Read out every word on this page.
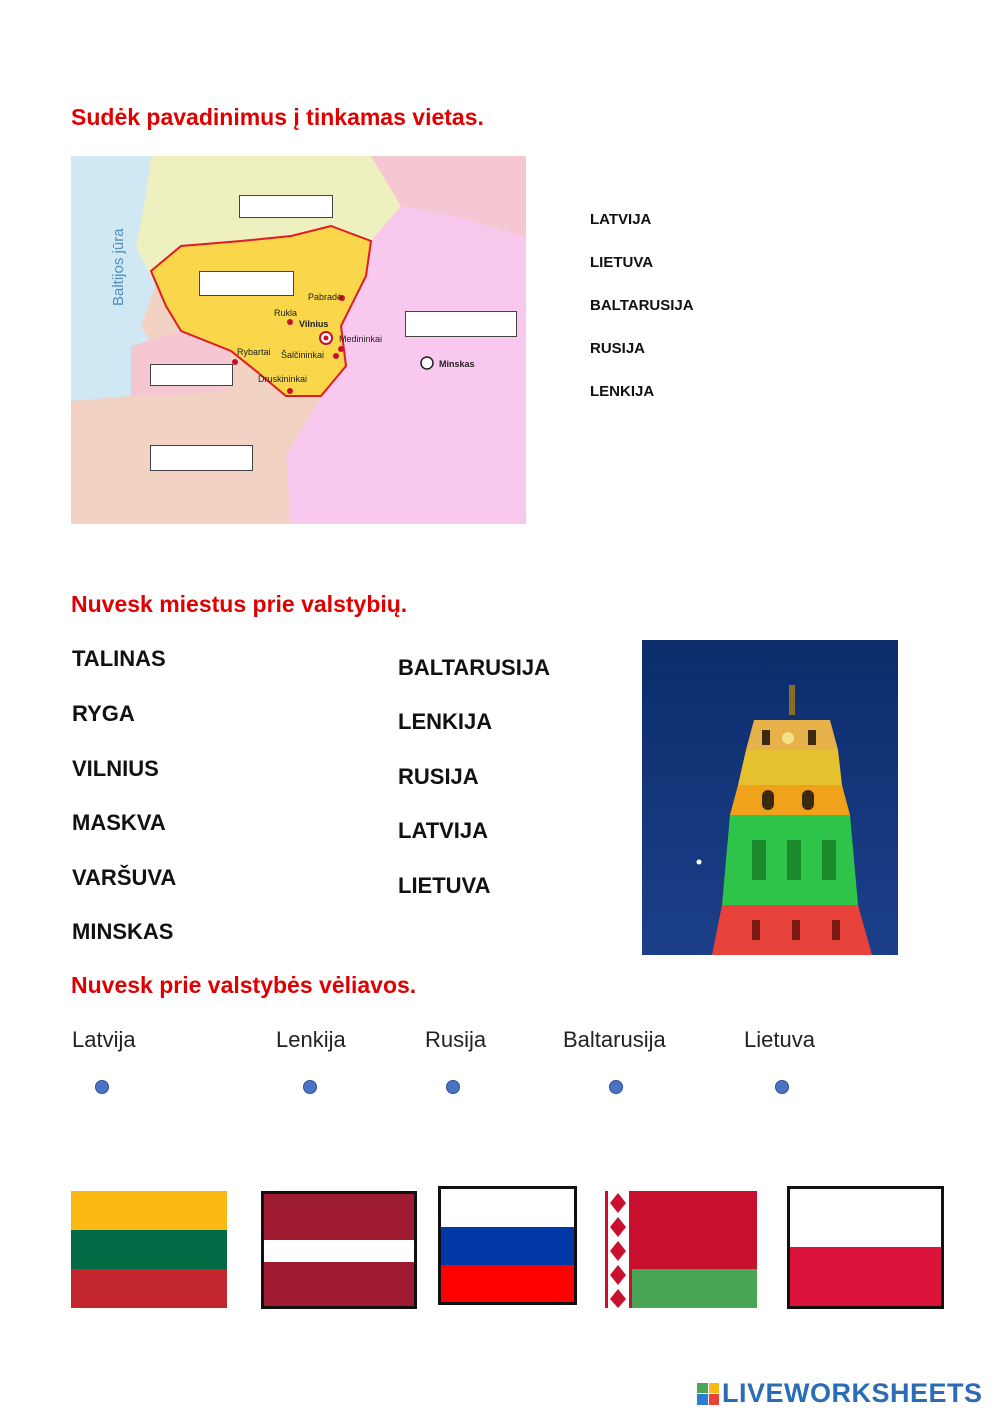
Sudėk pavadinimus į tinkamas vietas.
Baltijos jūra	Pabradė
Rukla
Vilnius
Medininkai
Rybartai Šalčininkai
Druskininkai
Minskas
LATVIJA
LIETUVA
BALTARUSIJA
RUSIJA
LENKIJA
Nuvesk miestus prie valstybių.
TALINAS
RYGA
VILNIUS
MASKVA
VARŠUVA
MINSKAS
BALTARUSIJA
LENKIJA
RUSIJA
LATVIJA
LIETUVA
Nuvesk prie valstybės vėliavos.
Latvija	Lenkija	Rusija	Baltarusija	Lietuva
LIVEWORKSHEETS
